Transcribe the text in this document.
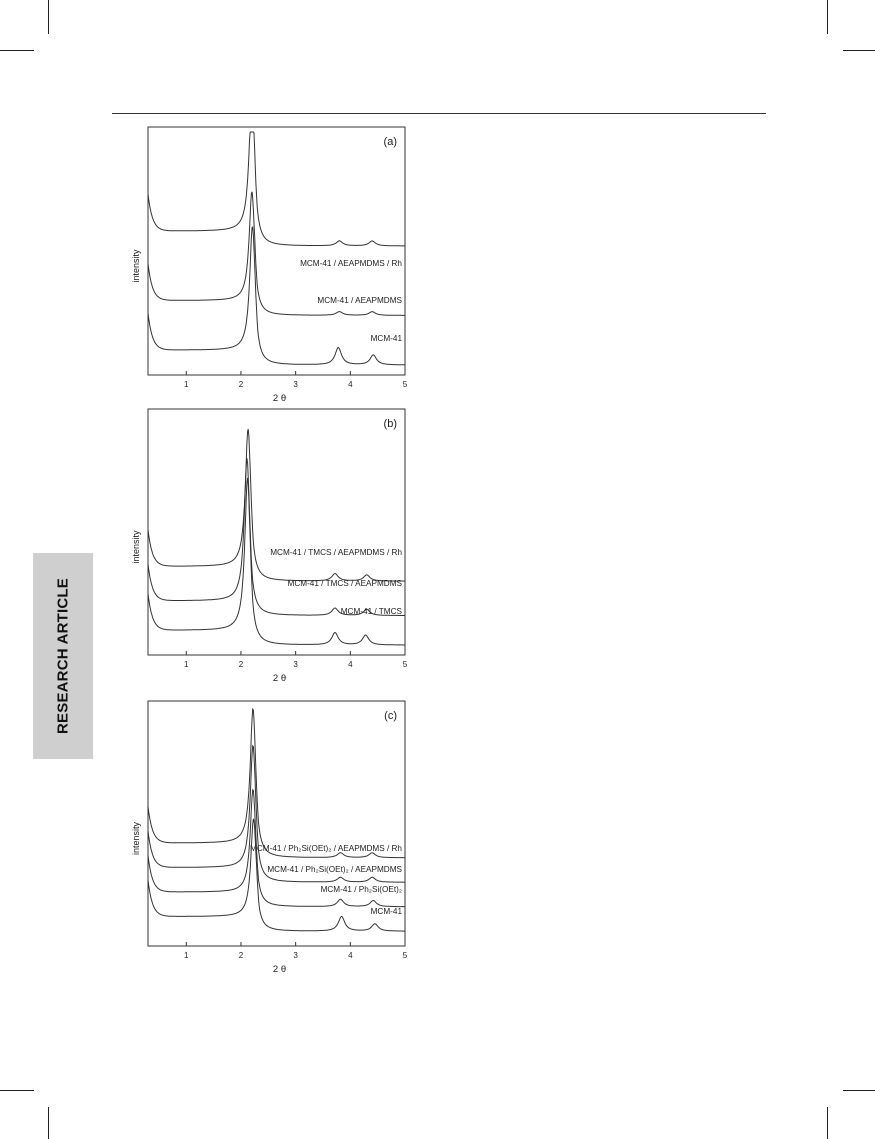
RESEARCH ARTICLE
1	2	3	4	5
(a)
2 θ
intensity	MCM-41 / AEAPMDMS / Rh
MCM-41 / AEAPMDMS
MCM-41
1	2	3	4	5
(b)
2 θ
intensity	MCM-41 / TMCS / AEAPMDMS / Rh
MCM-41 / TMCS / AEAPMDMS
MCM-41 / TMCS
1	2	3	4	5
(c)
2 θ
intensity	MCM-41 / Ph₂Si(OEt)₂ / AEAPMDMS / Rh
MCM-41 / Ph₂Si(OEt)₂ / AEAPMDMS
MCM-41 / Ph₂Si(OEt)₂
MCM-41
